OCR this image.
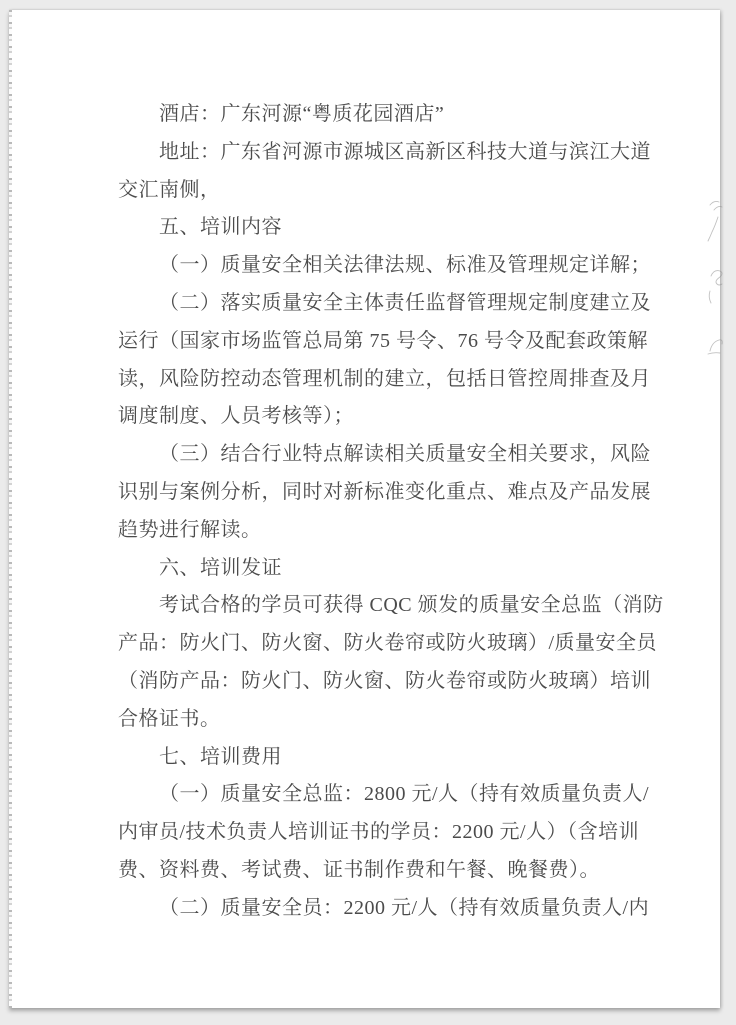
酒店：广东河源“粤质花园酒店”
地址：广东省河源市源城区高新区科技大道与滨江大道
交汇南侧，
五、培训内容
（一）质量安全相关法律法规、标准及管理规定详解；
（二）落实质量安全主体责任监督管理规定制度建立及
运行（国家市场监管总局第 75 号令、76 号令及配套政策解
读，风险防控动态管理机制的建立，包括日管控周排查及月
调度制度、人员考核等）；
（三）结合行业特点解读相关质量安全相关要求，风险
识别与案例分析，同时对新标准变化重点、难点及产品发展
趋势进行解读。
六、培训发证
考试合格的学员可获得 CQC 颁发的质量安全总监（消防
产品：防火门、防火窗、防火卷帘或防火玻璃）/质量安全员
（消防产品：防火门、防火窗、防火卷帘或防火玻璃）培训
合格证书。
七、培训费用
（一）质量安全总监：2800 元/人（持有效质量负责人/
内审员/技术负责人培训证书的学员：2200 元/人）（含培训
费、资料费、考试费、证书制作费和午餐、晚餐费）。
（二）质量安全员：2200 元/人（持有效质量负责人/内
